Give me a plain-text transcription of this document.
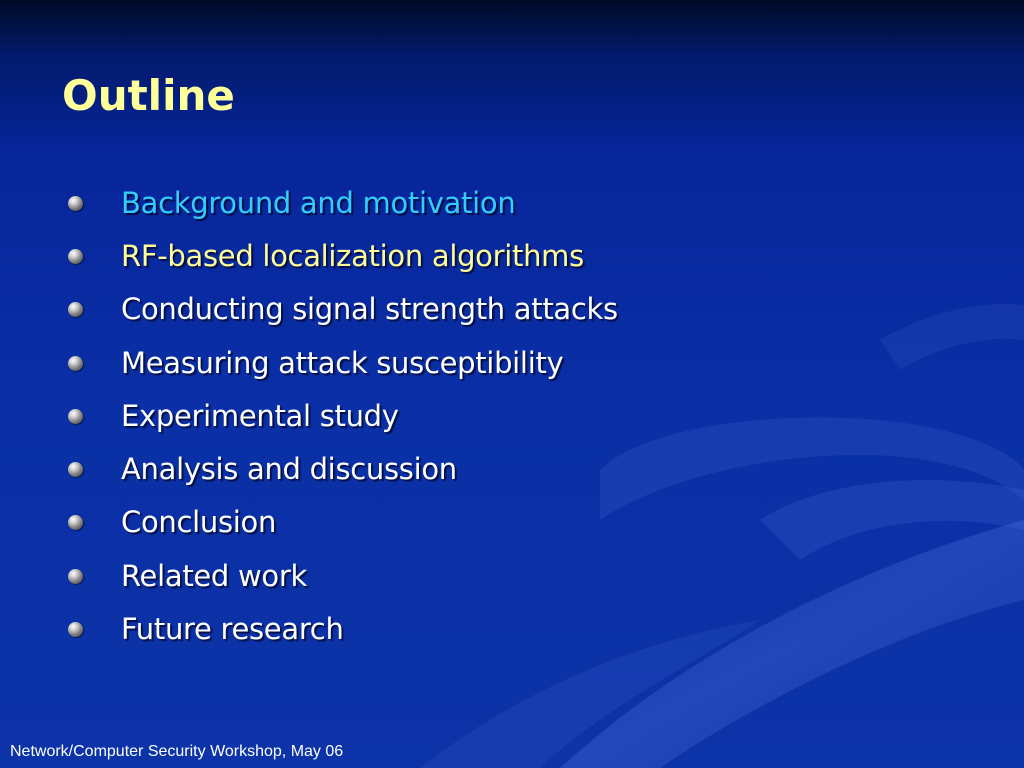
Outline
Background and motivation
RF-based localization algorithms
Conducting signal strength attacks
Measuring attack susceptibility
Experimental study
Analysis and discussion
Conclusion
Related work
Future research
Network/Computer Security Workshop, May 06
